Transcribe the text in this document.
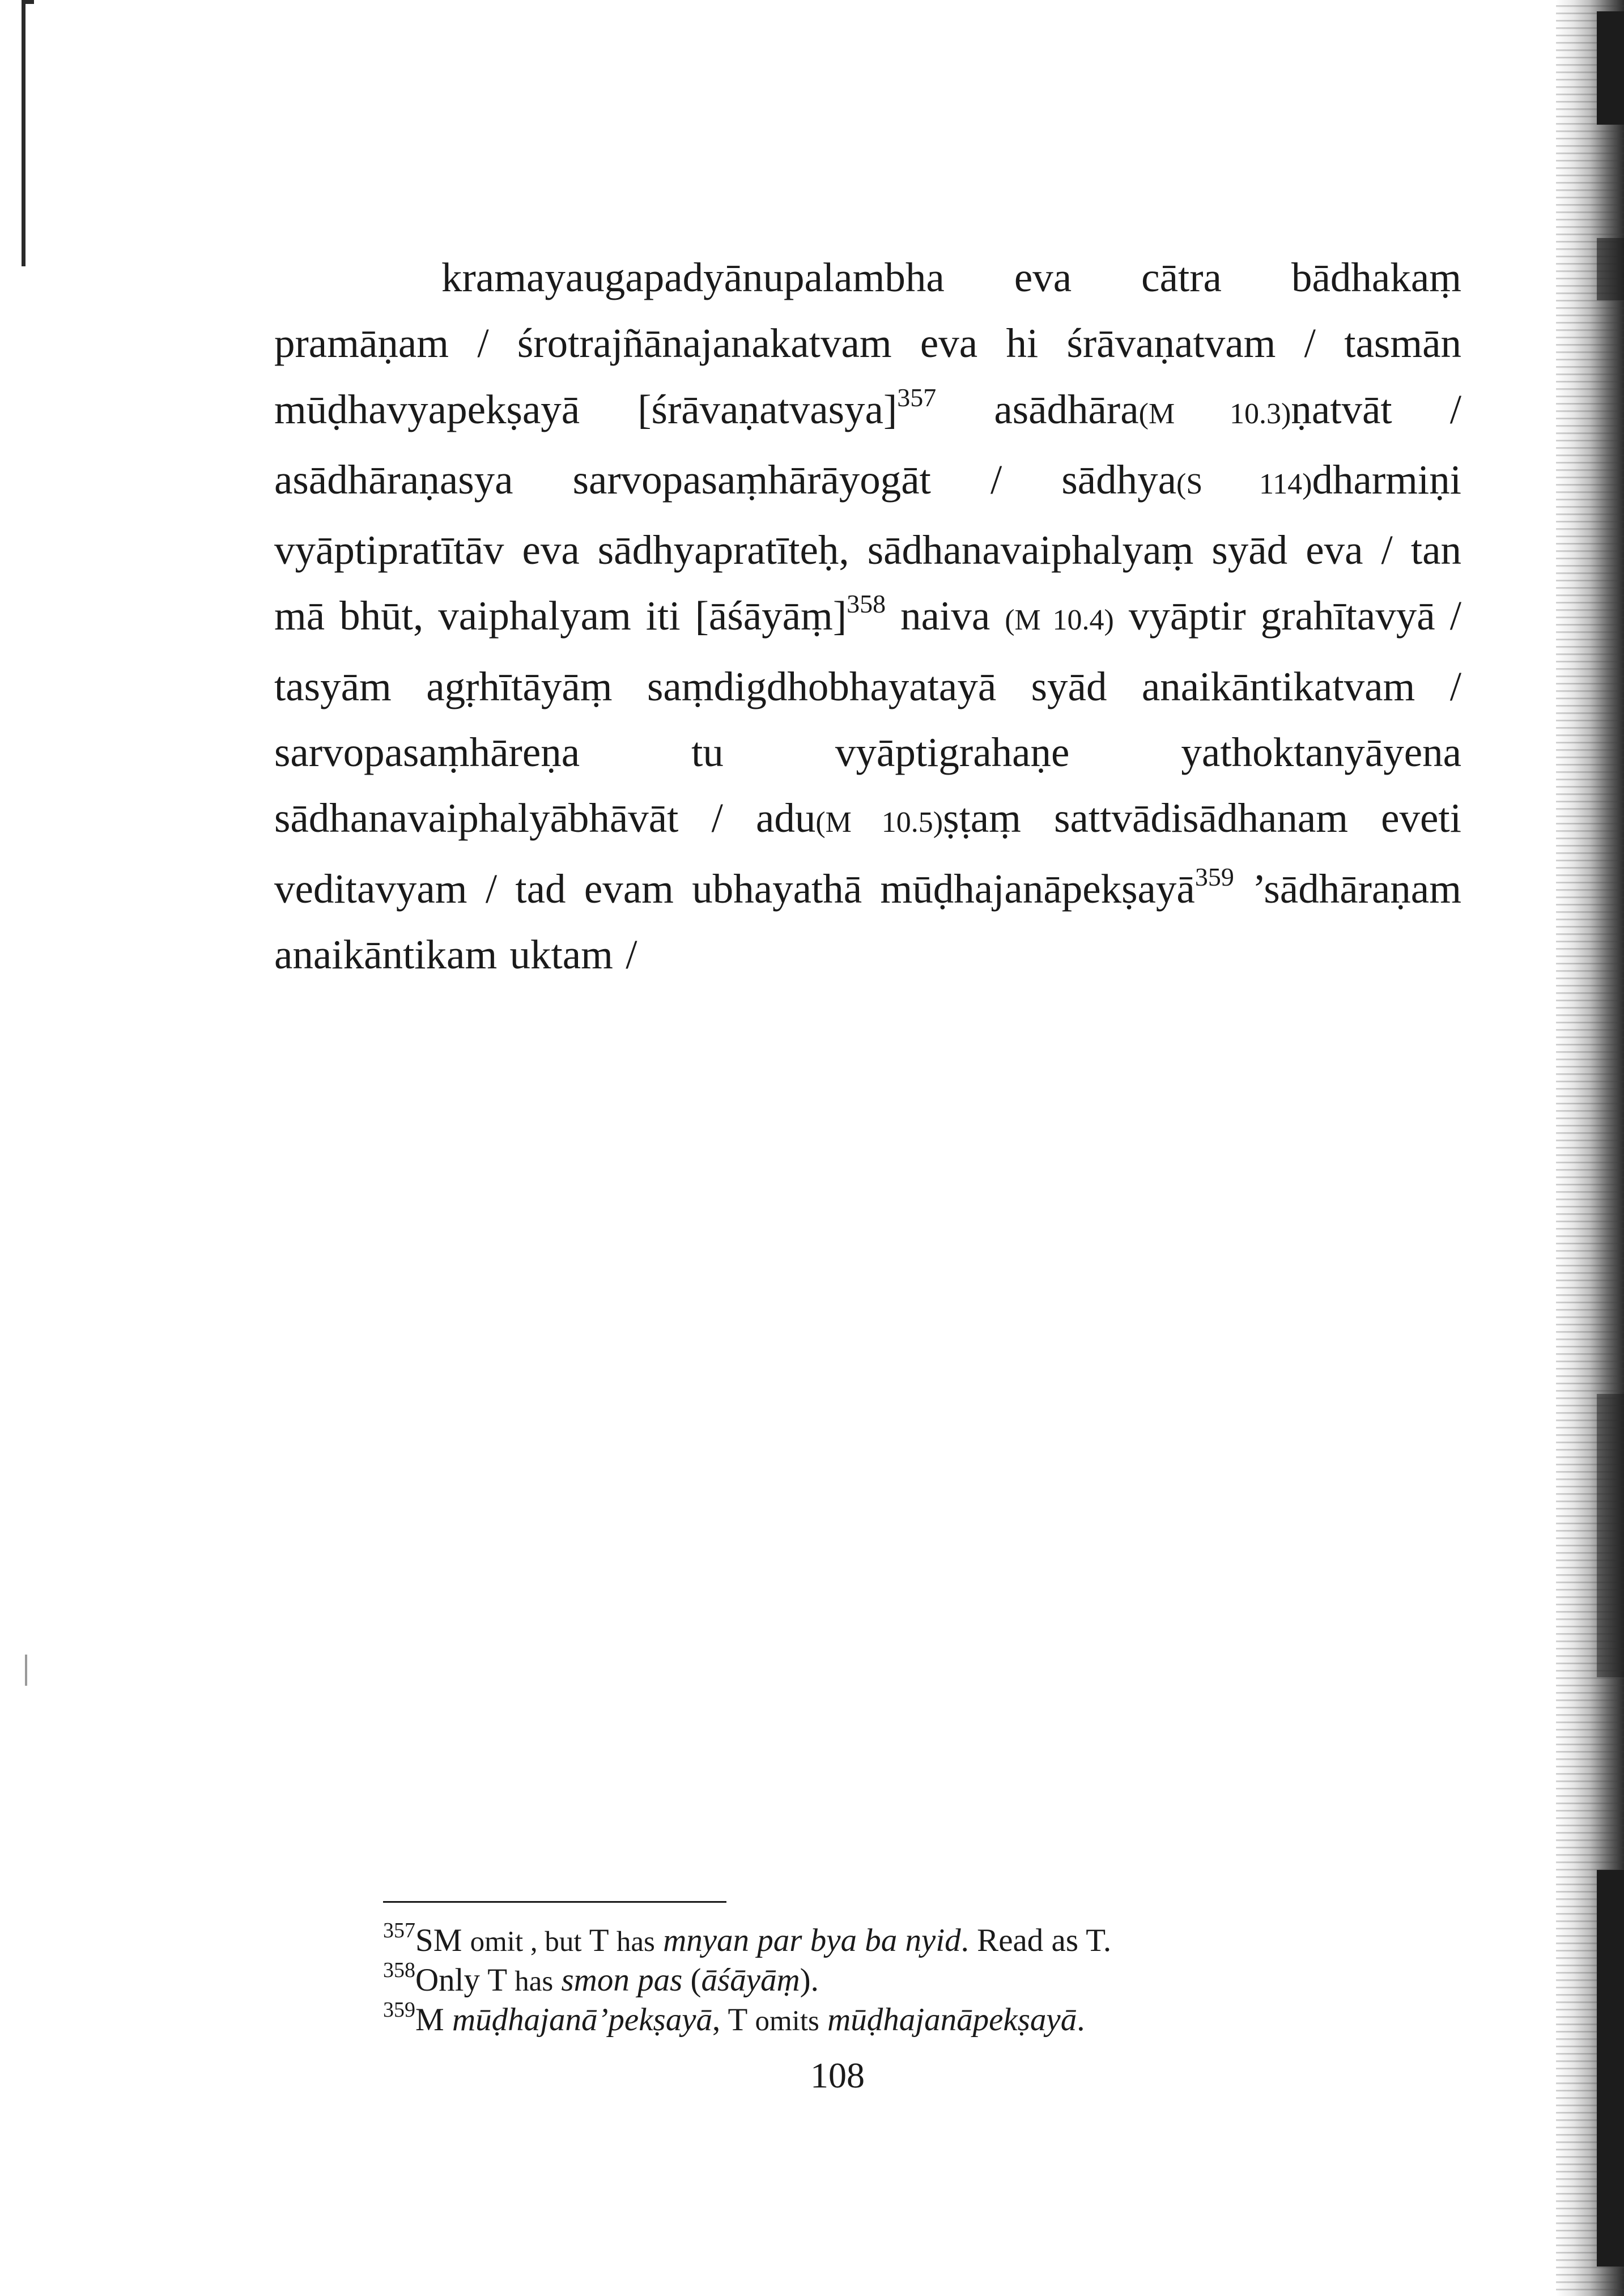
kramayaugapadyānupalambha eva cātra bādhakaṃ pramāṇam / śrotrajñānajanakatvam eva hi śrāvaṇatvam / tasmān mūḍhavyapekṣayā [śrāvaṇatvasya]$^{357}$ asādhāra(M 10.3)ṇatvāt / asādhāraṇasya sarvopasaṃhārāyogāt / sādhya(S 114)dharmiṇi vyāptipratītāv eva sādhyapratīteḥ, sādhanavaiphalyaṃ syād eva / tan mā bhūt, vaiphalyam iti [āśāyāṃ]$^{358}$ naiva (M 10.4) vyāptir grahītavyā / tasyām agṛhītāyāṃ saṃdigdhobhayatayā syād anaikāntikatvam / sarvopasaṃhāreṇa tu vyāptigrahaṇe yathoktanyāyena sādhanavaiphalyābhāvāt / adu(M 10.5)ṣṭaṃ sattvādisādhanam eveti veditavyam / tad evam ubhayathā mūḍhajanāpekṣayā$^{359}$ ’sādhāraṇam anaikāntikam uktam /
$^{357}$SM omit , but T has mnyan par bya ba nyid. Read as T.
$^{358}$Only T has smon pas (āśāyāṃ).
$^{359}$M mūḍhajanā’pekṣayā, T omits mūḍhajanāpekṣayā.
108
